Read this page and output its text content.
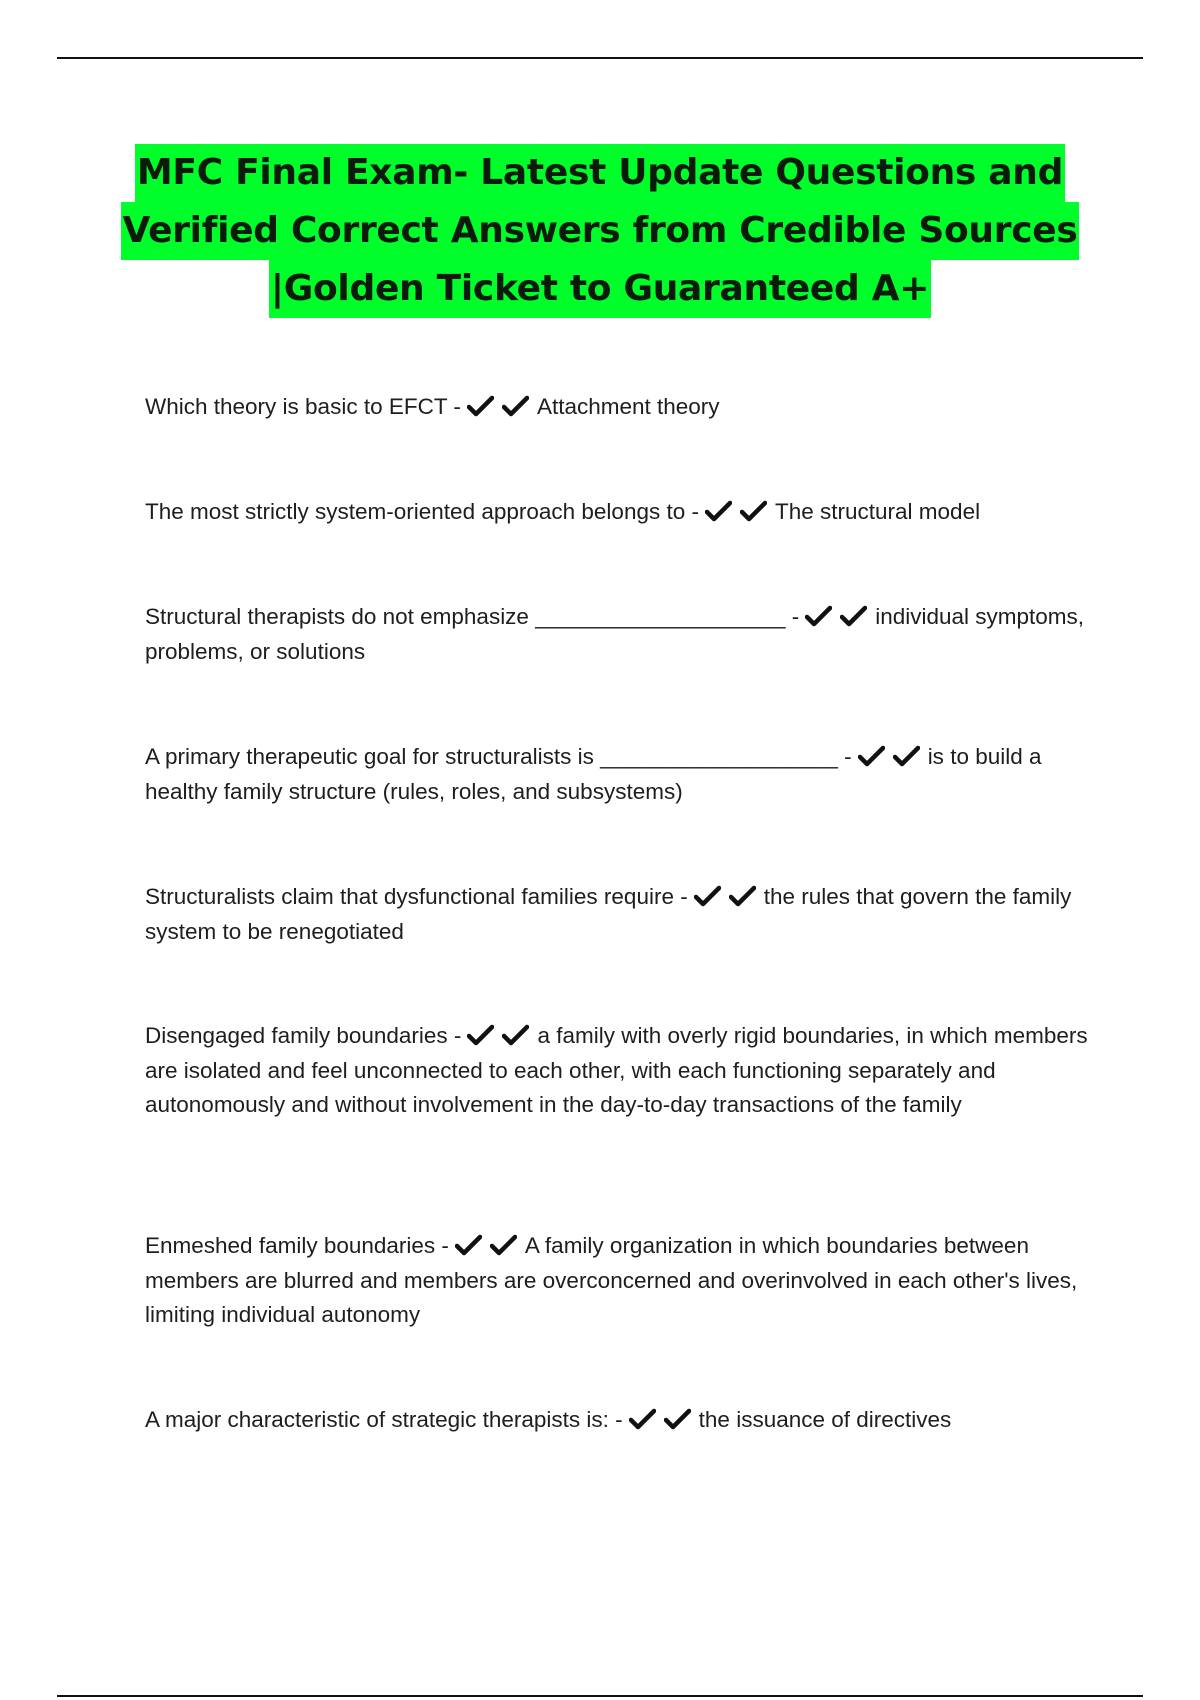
MFC Final Exam- Latest Update Questions and
Verified Correct Answers from Credible Sources
|Golden Ticket to Guaranteed A+
Which theory is basic to EFCT -	Attachment theory
The most strictly system-oriented approach belongs to -	The structural model
Structural therapists do not emphasize ____________________ -	individual symptoms, problems, or solutions
A primary therapeutic goal for structuralists is ___________________ -	is to build a healthy family structure (rules, roles, and subsystems)
Structuralists claim that dysfunctional families require -	the rules that govern the family system to be renegotiated
Disengaged family boundaries -	a family with overly rigid boundaries, in which members are isolated and feel unconnected to each other, with each functioning separately and autonomously and without involvement in the day-to-day transactions of the family
Enmeshed family boundaries -	A family organization in which boundaries between members are blurred and members are overconcerned and overinvolved in each other's lives, limiting individual autonomy
A major characteristic of strategic therapists is: -	the issuance of directives
